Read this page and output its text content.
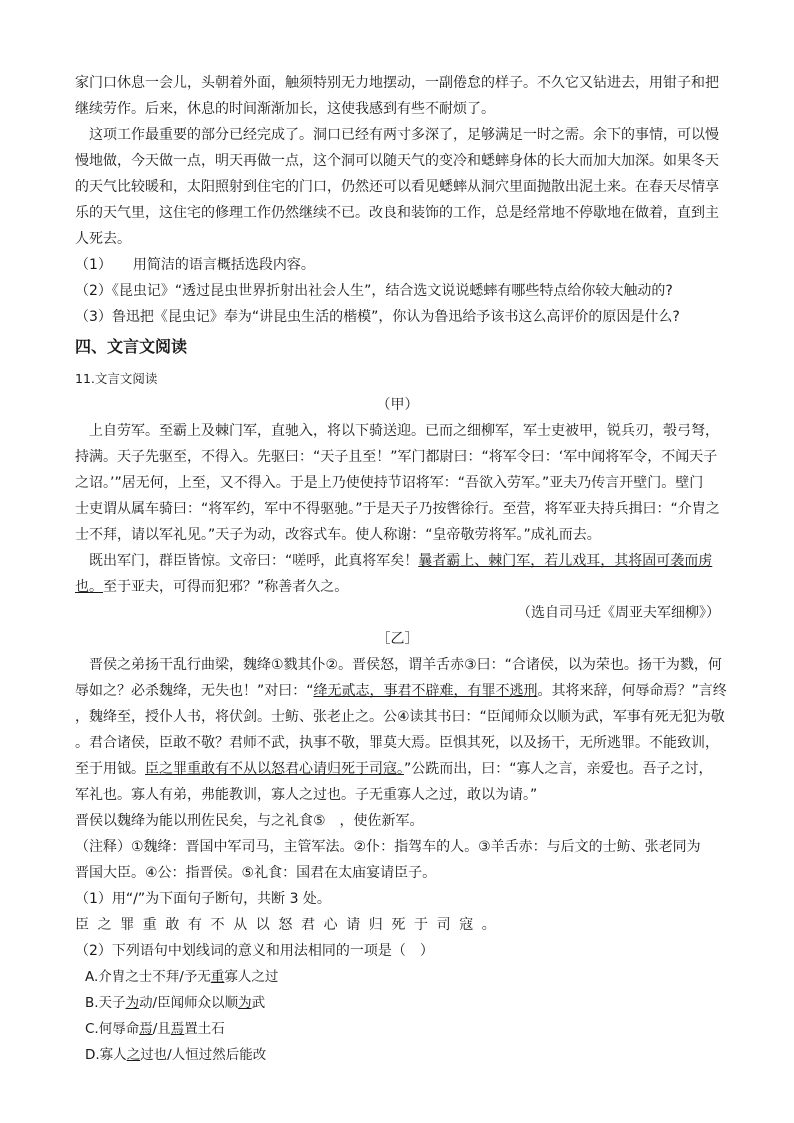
家门口休息一会儿，头朝着外面，触须特别无力地摆动，一副倦怠的样子。不久它又钻进去，用钳子和把

继续劳作。后来，休息的时间渐渐加长，这使我感到有些不耐烦了。

这项工作最重要的部分已经完成了。洞口已经有两寸多深了，足够满足一时之需。余下的事情，可以慢

慢地做，今天做一点，明天再做一点，这个洞可以随天气的变冷和蟋蟀身体的长大而加大加深。如果冬天

的天气比较暖和，太阳照射到住宅的门口，仍然还可以看见蟋蟀从洞穴里面抛散出泥土来。在春天尽情享

乐的天气里，这住宅的修理工作仍然继续不已。改良和装饰的工作，总是经常地不停歇地在做着，直到主

人死去。

（1）　　用简洁的语言概括选段内容。

（2）《昆虫记》“透过昆虫世界折射出社会人生”，结合选文说说蟋蟀有哪些特点给你较大触动的?

（3）鲁迅把《昆虫记》奉为“讲昆虫生活的楷模”，你认为鲁迅给予该书这么高评价的原因是什么?

四、文言文阅读

11.文言文阅读

（甲）

上自劳军。至霸上及棘门军，直驰入，将以下骑送迎。已而之细柳军，军士吏被甲，锐兵刃，彀弓弩，

持满。天子先驱至，不得入。先驱曰：“天子且至！”军门都尉曰：“将军令曰：‘军中闻将军令，不闻天子

之诏。’”居无何，上至，又不得入。于是上乃使使持节诏将军：“吾欲入劳军。”亚夫乃传言开壁门。壁门

士吏谓从属车骑曰：“将军约，军中不得驱驰。”于是天子乃按辔徐行。至营，将军亚夫持兵揖曰：“介胄之

士不拜，请以军礼见。”天子为动，改容式车。使人称谢：“皇帝敬劳将军。”成礼而去。

既出军门，群臣皆惊。文帝曰：“嗟呼，此真将军矣！曩者霸上、棘门军，若儿戏耳，其将固可袭而虏

也。至于亚夫，可得而犯邪？”称善者久之。

（选自司马迁《周亚夫军细柳》）

［乙］

晋侯之弟扬干乱行曲梁，魏绛①戮其仆②。晋侯怒，谓羊舌赤③曰：“合诸侯，以为荣也。扬干为戮，何

辱如之？必杀魏绛，无失也！”对曰：“绛无贰志，事君不辟难，有罪不逃刑。其将来辞，何辱命焉？”言终

，魏绛至，授仆人书，将伏剑。士鲂、张老止之。公④读其书曰：“臣闻师众以顺为武，军事有死无犯为敬

。君合诸侯，臣敢不敬？君师不武，执事不敬，罪莫大焉。臣惧其死，以及扬干，无所逃罪。不能致训，

至于用钺。臣之罪重敢有不从以怒君心请归死于司寇。”公跣而出，曰：“寡人之言，亲爱也。吾子之讨，

军礼也。寡人有弟，弗能教训，寡人之过也。子无重寡人之过，敢以为请。”

晋侯以魏绛为能以刑佐民矣，与之礼食⑤　，使佐新军。

（注释）①魏绛：晋国中军司马，主管军法。②仆：指驾车的人。③羊舌赤：与后文的士鲂、张老同为

晋国大臣。④公：指晋侯。⑤礼食：国君在太庙宴请臣子。

（1）用“/”为下面句子断句，共断 3 处。

臣之罪重敢有不从以怒君心请归死于司寇。

（2）下列语句中划线词的意义和用法相同的一项是（　）

A.介胄之士不拜/予无重寡人之过

B.天子为动/臣闻师众以顺为武

C.何辱命焉/且焉置土石

D.寡人之过也/人恒过然后能改
